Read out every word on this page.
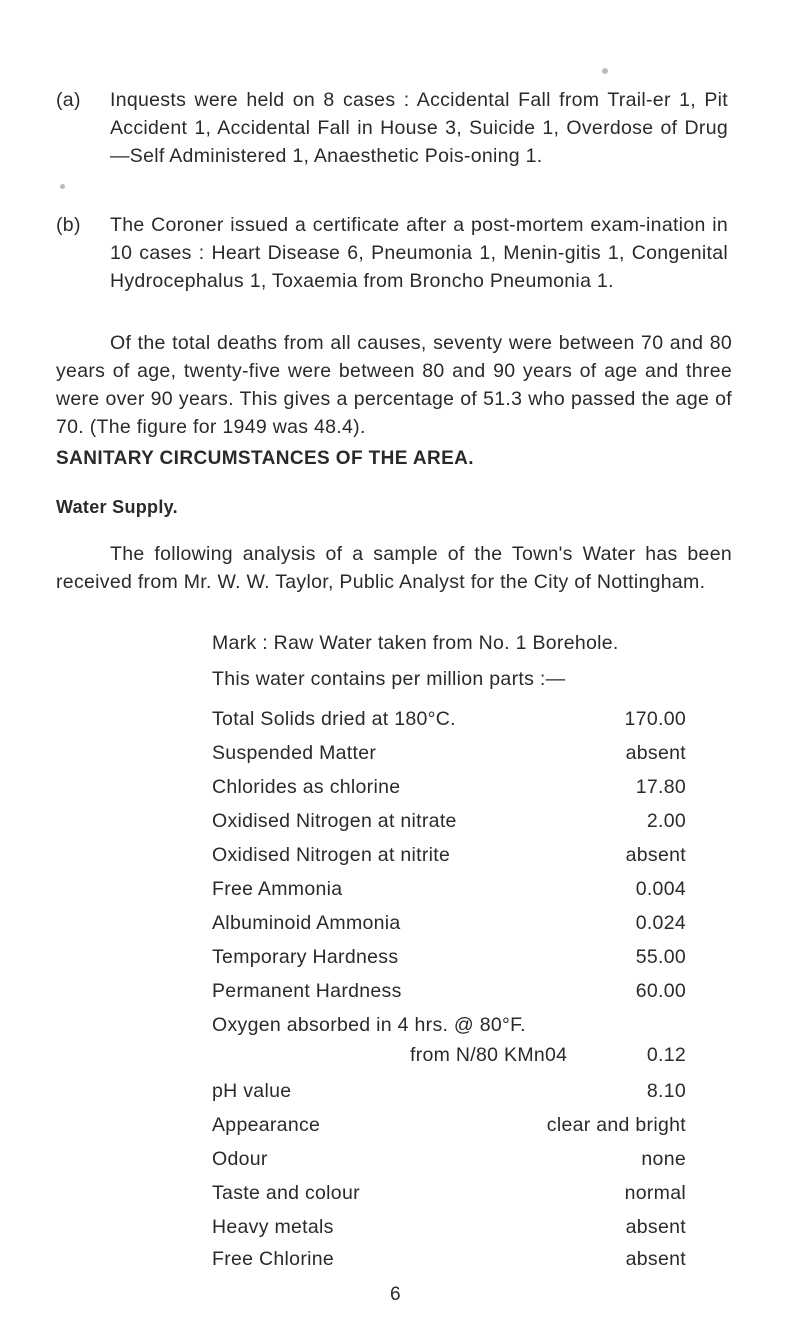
(a) Inquests were held on 8 cases : Accidental Fall from Trail-er 1, Pit Accident 1, Accidental Fall in House 3, Suicide 1, Overdose of Drug—Self Administered 1, Anaesthetic Pois-oning 1.
(b) The Coroner issued a certificate after a post-mortem exam-ination in 10 cases : Heart Disease 6, Pneumonia 1, Menin-gitis 1, Congenital Hydrocephalus 1, Toxaemia from Broncho Pneumonia 1.
Of the total deaths from all causes, seventy were between 70 and 80 years of age, twenty-five were between 80 and 90 years of age and three were over 90 years. This gives a percentage of 51.3 who passed the age of 70. (The figure for 1949 was 48.4).
SANITARY CIRCUMSTANCES OF THE AREA.
Water Supply.
The following analysis of a sample of the Town's Water has been received from Mr. W. W. Taylor, Public Analyst for the City of Nottingham.
Mark : Raw Water taken from No. 1 Borehole.
This water contains per million parts :—
Total Solids dried at 180°C.	170.00
Suspended Matter	absent
Chlorides as chlorine	17.80
Oxidised Nitrogen at nitrate	2.00
Oxidised Nitrogen at nitrite	absent
Free Ammonia	0.004
Albuminoid Ammonia	0.024
Temporary Hardness	55.00
Permanent Hardness	60.00
Oxygen absorbed in 4 hrs. @ 80°F.
from N/80 KMn04	0.12
pH value	8.10
Appearance	clear and bright
Odour	none
Taste and colour	normal
Heavy metals	absent
Free Chlorine	absent
6
